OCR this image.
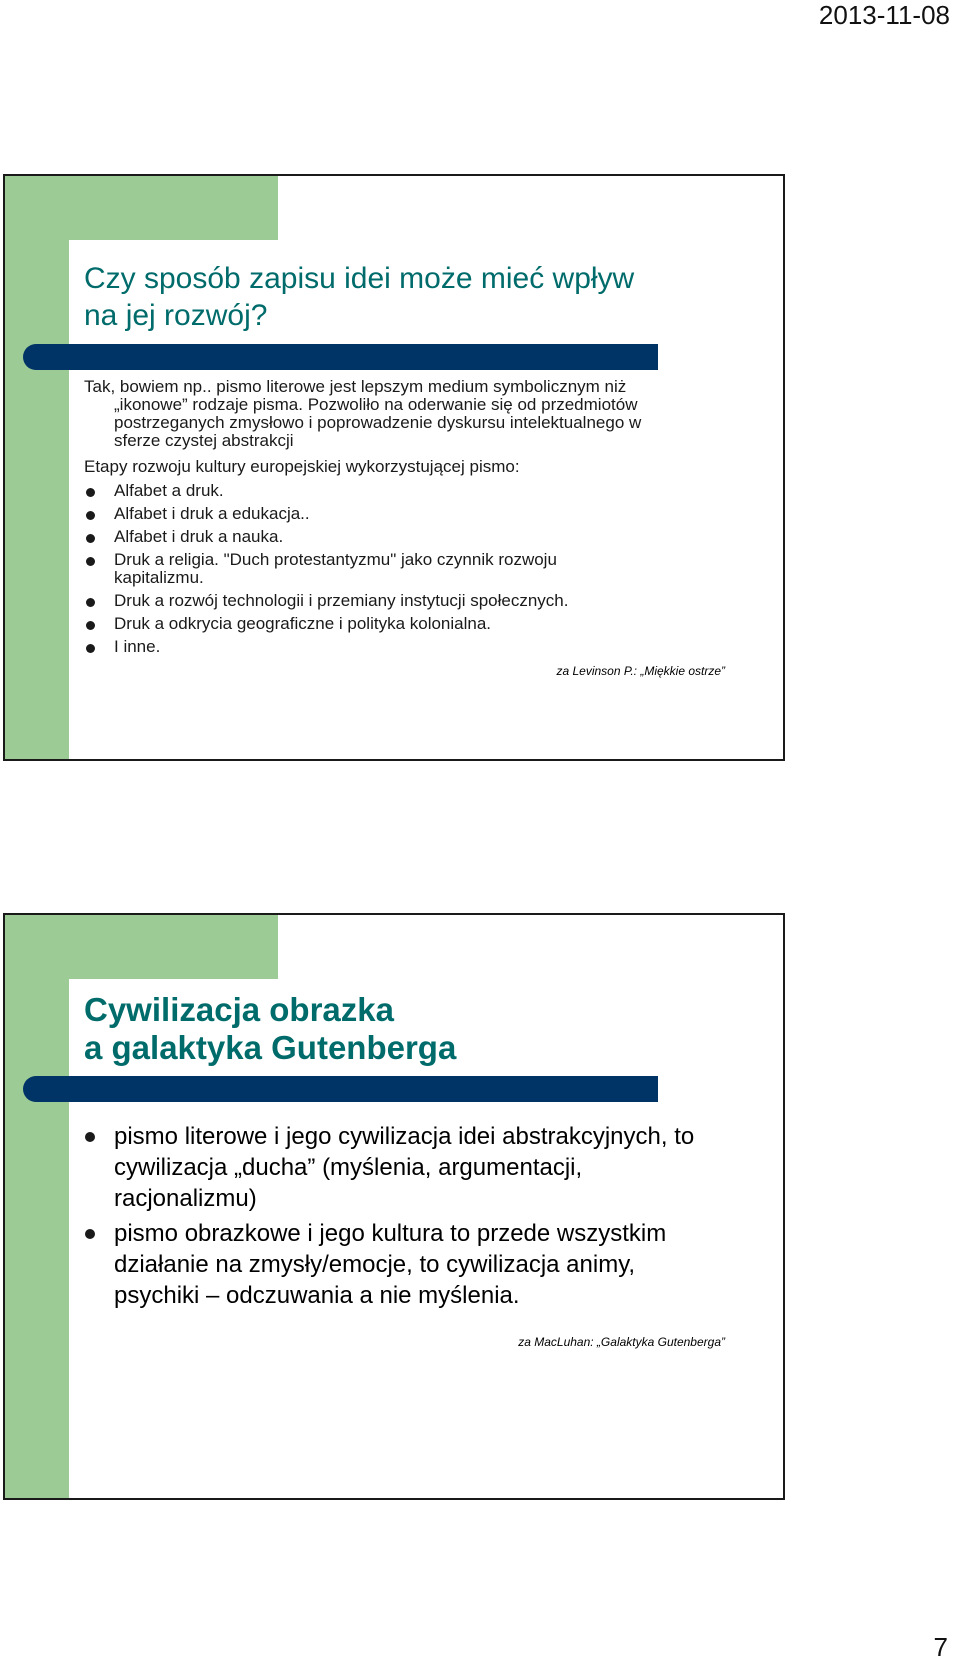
2013-11-08
Czy sposób zapisu idei może mieć wpływ
na jej rozwój?

Tak, bowiem np.. pismo literowe jest lepszym medium symbolicznym niż

„ikonowe” rodzaje pisma. Pozwoliło na oderwanie się od przedmiotów

postrzeganych zmysłowo i poprowadzenie dyskursu intelektualnego w

sferze czystej abstrakcji

Etapy rozwoju kultury europejskiej wykorzystującej pismo:

Alfabet a druk.
Alfabet i druk a edukacja..
Alfabet i druk a nauka.
Druk a religia. "Duch protestantyzmu" jako czynnik rozwoju kapitalizmu.
Druk a rozwój technologii i przemiany instytucji społecznych.
Druk a odkrycia geograficzne i polityka kolonialna.
I inne.
za Levinson P.: „Miękkie ostrze”
Cywilizacja obrazka
a galaktyka Gutenberga
pismo literowe i jego cywilizacja idei abstrakcyjnych, to cywilizacja „ducha” (myślenia, argumentacji, racjonalizmu)
pismo obrazkowe i jego kultura to przede wszystkim działanie na zmysły/emocje, to cywilizacja animy, psychiki – odczuwania a nie myślenia.
za MacLuhan: „Galaktyka Gutenberga”
7
